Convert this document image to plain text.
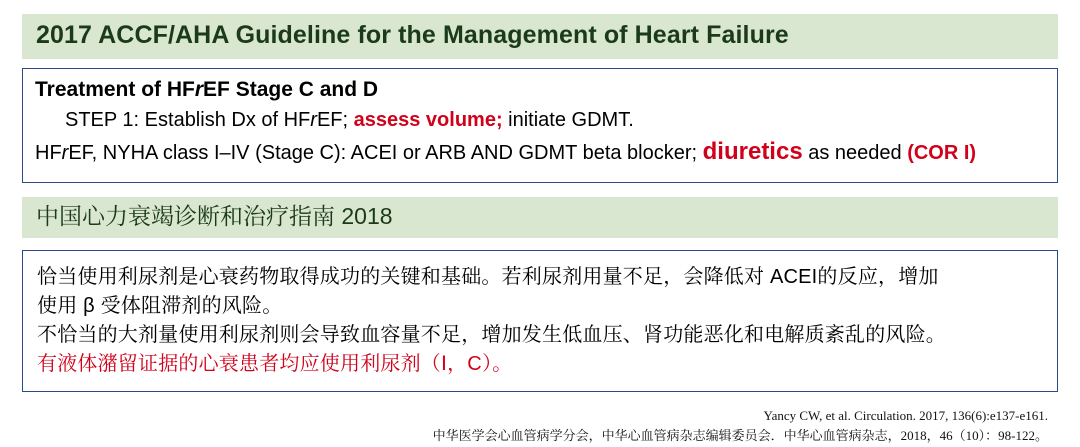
2017 ACCF/AHA Guideline for the Management of Heart Failure
Treatment of HFrEF Stage C and D
STEP 1: Establish Dx of HFrEF; assess volume; initiate GDMT.
HFrEF, NYHA class I–IV (Stage C): ACEI or ARB AND GDMT beta blocker; diuretics as needed (COR I)
中国心力衰竭诊断和治疗指南 2018
恰当使用利尿剂是心衰药物取得成功的关键和基础。若利尿剂用量不足，会降低对 ACEI的反应，增加
使用 β 受体阻滞剂的风险。
不恰当的大剂量使用利尿剂则会导致血容量不足，增加发生低血压、肾功能恶化和电解质紊乱的风险。
有液体潴留证据的心衰患者均应使用利尿剂（Ⅰ，C）。
Yancy CW, et al. Circulation. 2017, 136(6):e137-e161.
中华医学会心血管病学分会，中华心血管病杂志编辑委员会．中华心血管病杂志，2018，46（10）：98-122。
